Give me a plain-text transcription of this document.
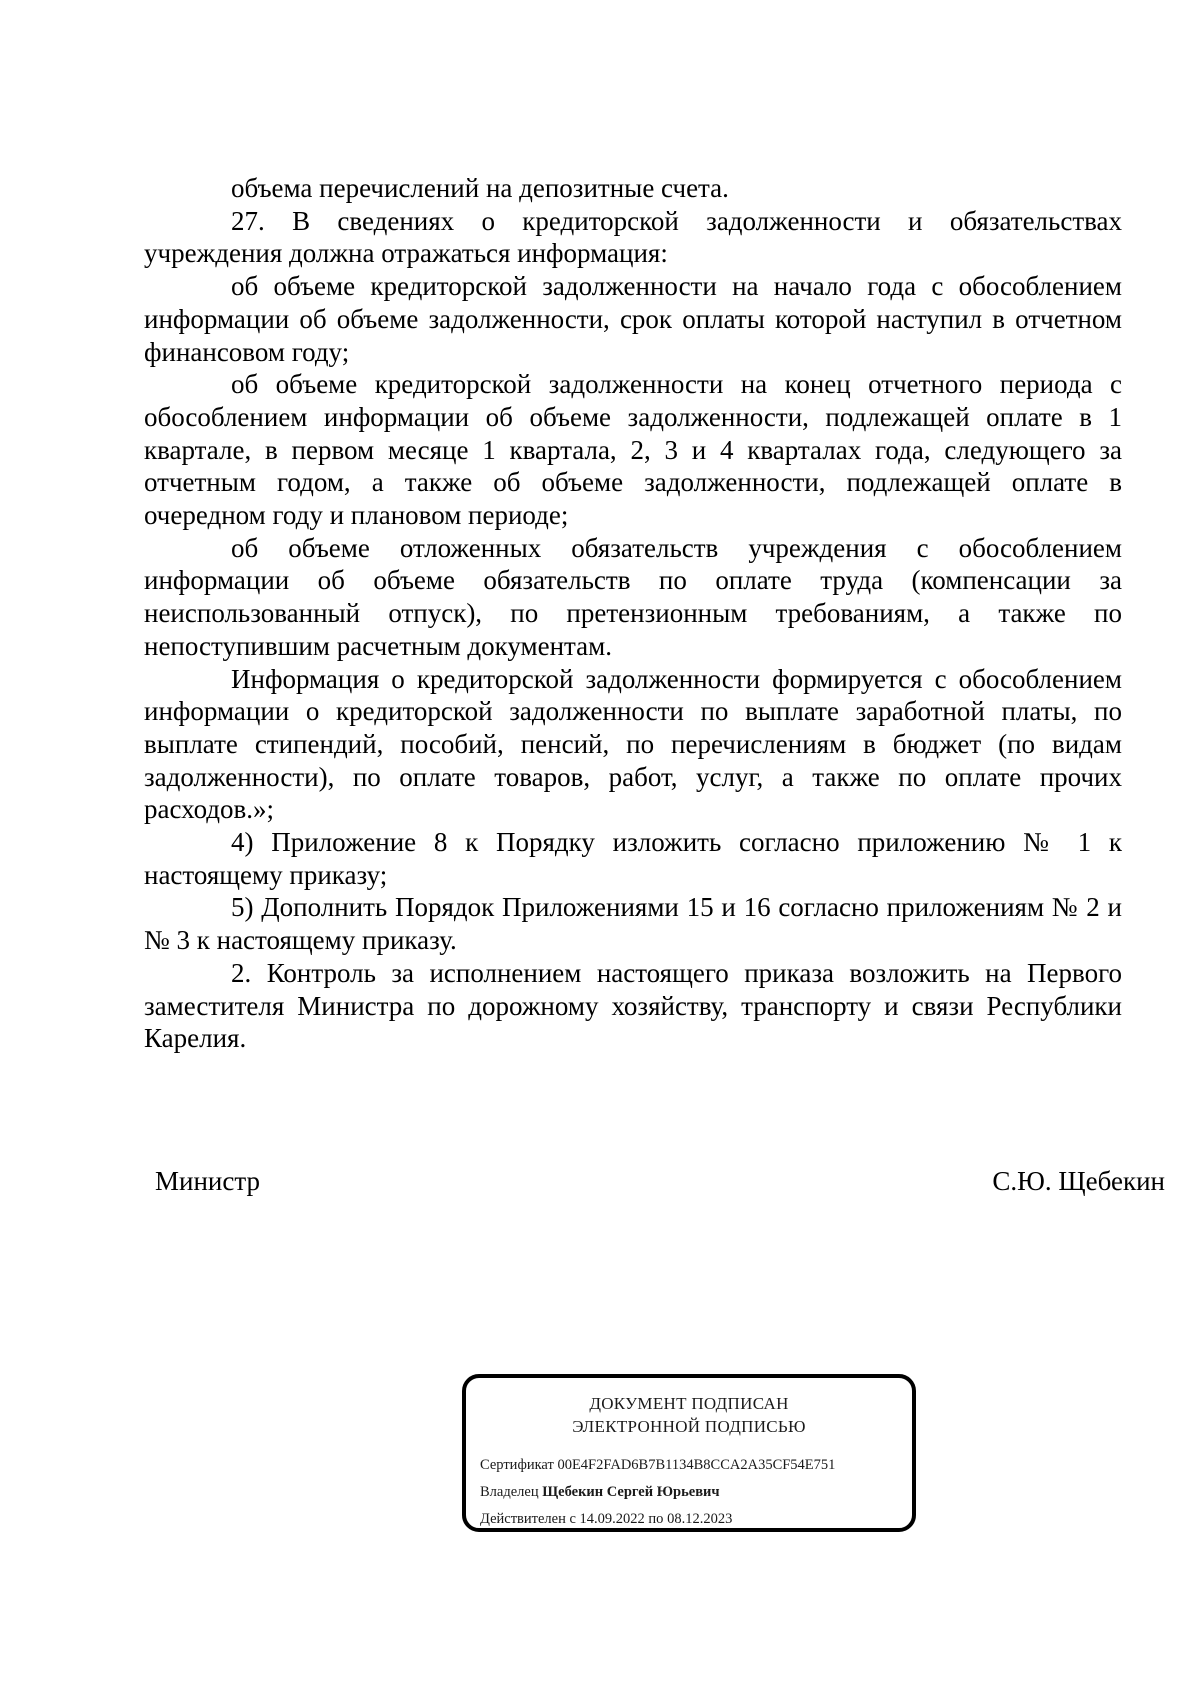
объема перечислений на депозитные счета.

27. В сведениях о кредиторской задолженности и обязательствах учреждения должна отражаться информация:

об объеме кредиторской задолженности на начало года с обособлением информации об объеме задолженности, срок оплаты которой наступил в отчетном финансовом году;

об объеме кредиторской задолженности на конец отчетного периода с обособлением информации об объеме задолженности, подлежащей оплате в 1 квартале, в первом месяце 1 квартала, 2, 3 и 4 кварталах года, следующего за отчетным годом, а также об объеме задолженности, подлежащей оплате в очередном году и плановом периоде;

об объеме отложенных обязательств учреждения с обособлением информации об объеме обязательств по оплате труда (компенсации за неиспользованный отпуск), по претензионным требованиям, а также по непоступившим расчетным документам.

Информация о кредиторской задолженности формируется с обособлением информации о кредиторской задолженности по выплате заработной платы, по выплате стипендий, пособий, пенсий, по перечислениям в бюджет (по видам задолженности), по оплате товаров, работ, услуг, а также по оплате прочих расходов.»;

4) Приложение 8 к Порядку изложить согласно приложению № 1 к настоящему приказу;

5) Дополнить Порядок Приложениями 15 и 16 согласно приложениям № 2 и № 3 к настоящему приказу.

2. Контроль за исполнением настоящего приказа возложить на Первого заместителя Министра по дорожному хозяйству, транспорту и связи Республики Карелия.

Министр	С.Ю. Щебекин
ДОКУМЕНТ ПОДПИСАН
ЭЛЕКТРОННОЙ ПОДПИСЬЮ
Сертификат 00E4F2FAD6B7B1134B8CCA2A35CF54E751
Владелец Щебекин Сергей Юрьевич
Действителен с 14.09.2022 по 08.12.2023
